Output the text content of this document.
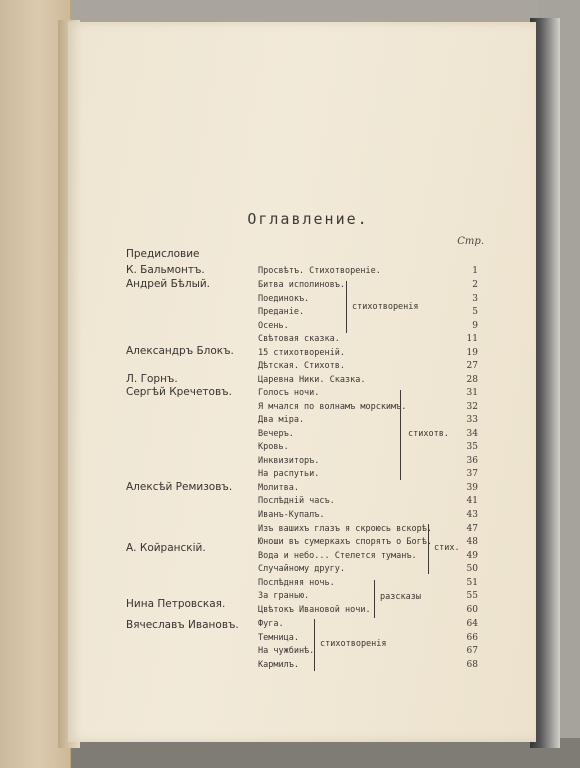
Оглавление.
Стр.
Предисловие
К. Бальмонтъ.
Андрей Бѣлый.
Александръ Блокъ.
Л. Горнъ.
Сергѣй Кречетовъ.
Алексѣй Ремизовъ.
А. Койранскій.
Нина Петровская.
Вячеславъ Ивановъ.
Просвѣтъ. Стихотвореніе.
Битва исполиновъ.
Поединокъ.
Преданіе.
Осень.
Свѣтовая сказка.
15 стихотвореній.
Дѣтская. Стихотв.
Царевна Ники. Сказка.
Голосъ ночи.
Я мчался по волнамъ морскимъ.
Два міра.
Вечеръ.
Кровь.
Инквизиторъ.
На распутьи.
Молитва.
Послѣдній часъ.
Иванъ-Купалъ.
Изъ вашихъ глазъ я скроюсь вскорѣ.
Юноши въ сумеркахъ спорятъ о Богѣ.
Вода и небо... Стелется туманъ.
Случайному другу.
Послѣдняя ночь.
За гранью.
Цвѣтокъ Ивановой ночи.
Фуга.
Темница.
На чужбинѣ.
Кармилъ.
1
2
3
5
9
11
19
27
28
31
32
33
34
35
36
37
39
41
43
47
48
49
50
51
55
60
64
66
67
68
стихотворенія
стихотв.
стих.
разсказы
стихотворенія
